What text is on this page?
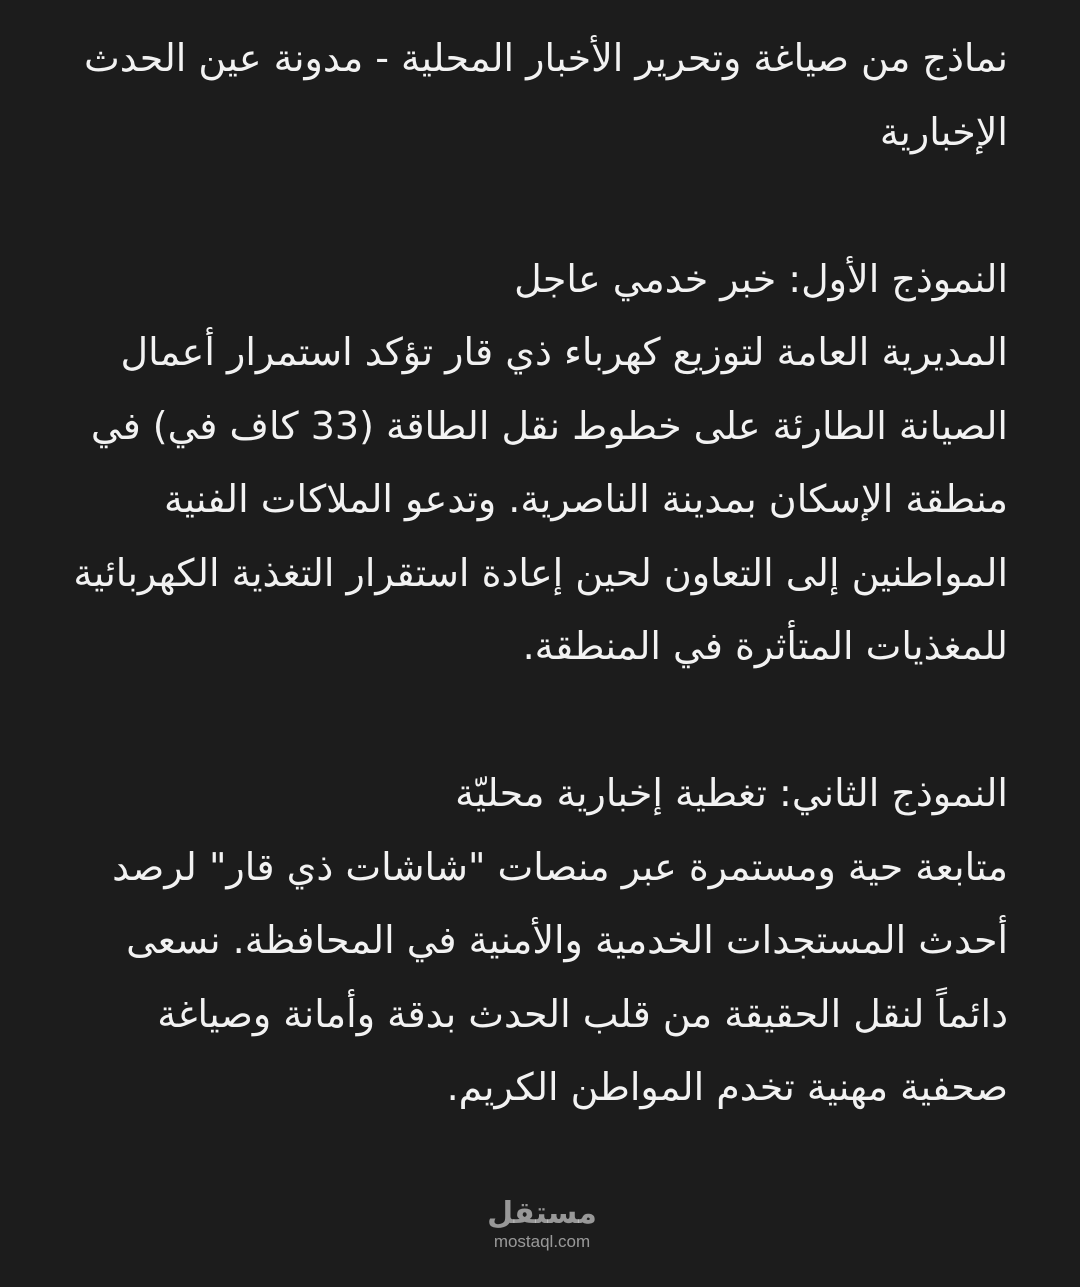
نماذج من صياغة وتحرير الأخبار المحلية - مدونة عين الحدث الإخبارية

النموذج الأول: خبر خدمي عاجل

المديرية العامة لتوزيع كهرباء ذي قار تؤكد استمرار أعمال الصيانة الطارئة على خطوط نقل الطاقة (33 كاف في) في منطقة الإسكان بمدينة الناصرية. وتدعو الملاكات الفنية المواطنين إلى التعاون لحين إعادة استقرار التغذية الكهربائية للمغذيات المتأثرة في المنطقة.

النموذج الثاني: تغطية إخبارية محليّة

متابعة حية ومستمرة عبر منصات "شاشات ذي قار" لرصد أحدث المستجدات الخدمية والأمنية في المحافظة. نسعى دائماً لنقل الحقيقة من قلب الحدث بدقة وأمانة وصياغة صحفية مهنية تخدم المواطن الكريم.

مستقل
mostaql.com
